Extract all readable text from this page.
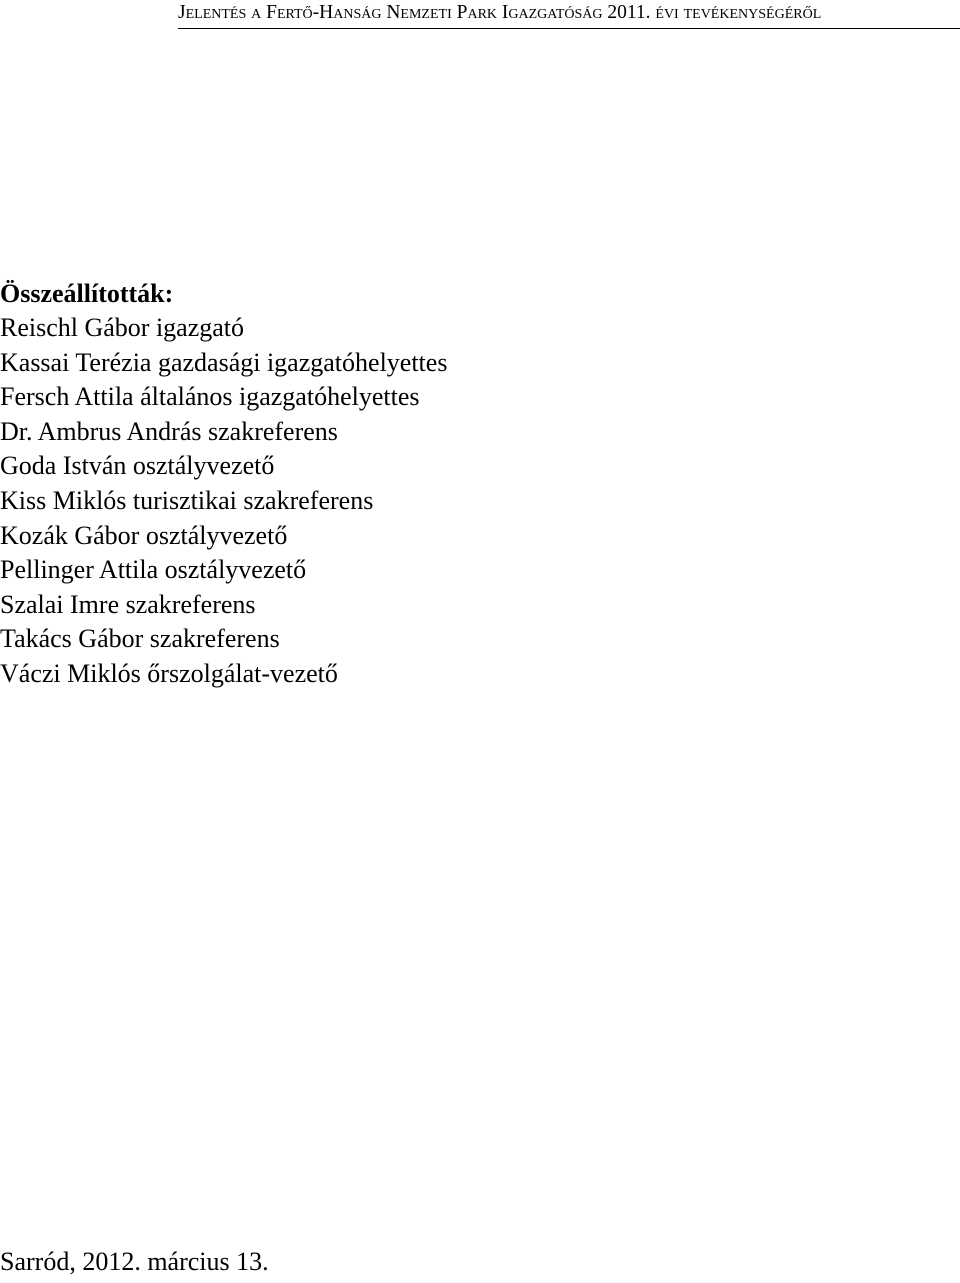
Jelentés a Fertő-Hanság Nemzeti Park Igazgatóság 2011. évi tevékenységéről
Összeállították:
Reischl Gábor igazgató
Kassai Terézia gazdasági igazgatóhelyettes
Fersch Attila általános igazgatóhelyettes
Dr. Ambrus András szakreferens
Goda István osztályvezető
Kiss Miklós turisztikai szakreferens
Kozák Gábor osztályvezető
Pellinger Attila osztályvezető
Szalai Imre szakreferens
Takács Gábor szakreferens
Váczi Miklós őrszolgálat-vezető
Sarród, 2012. március 13.
